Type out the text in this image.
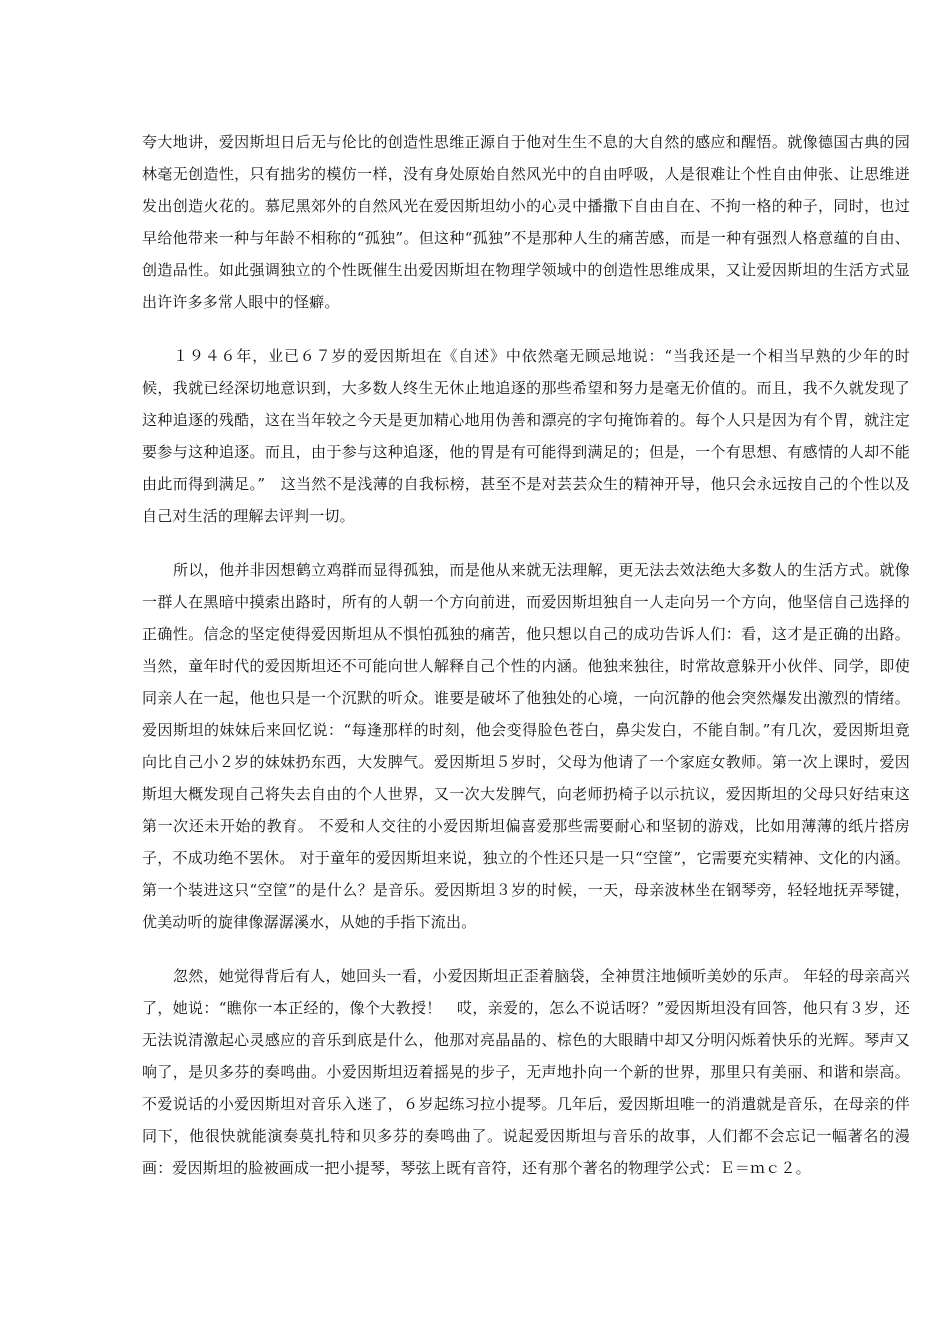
夸大地讲，爱因斯坦日后无与伦比的创造性思维正源自于他对生生不息的大自然的感应和醒悟。就像德国古典的园林毫无创造性，只有拙劣的模仿一样，没有身处原始自然风光中的自由呼吸，人是很难让个性自由伸张、让思维迸发出创造火花的。慕尼黑郊外的自然风光在爱因斯坦幼小的心灵中播撒下自由自在、不拘一格的种子，同时，也过早给他带来一种与年龄不相称的“孤独”。但这种“孤独”不是那种人生的痛苦感，而是一种有强烈人格意蕴的自由、创造品性。如此强调独立的个性既催生出爱因斯坦在物理学领域中的创造性思维成果，又让爱因斯坦的生活方式显出许许多多常人眼中的怪癖。

１９４６年，业已６７岁的爱因斯坦在《自述》中依然毫无顾忌地说：“当我还是一个相当早熟的少年的时候，我就已经深切地意识到，大多数人终生无休止地追逐的那些希望和努力是毫无价值的。而且，我不久就发现了这种追逐的残酷，这在当年较之今天是更加精心地用伪善和漂亮的字句掩饰着的。每个人只是因为有个胃，就注定要参与这种追逐。而且，由于参与这种追逐，他的胃是有可能得到满足的；但是，一个有思想、有感情的人却不能由此而得到满足。”　这当然不是浅薄的自我标榜，甚至不是对芸芸众生的精神开导，他只会永远按自己的个性以及自己对生活的理解去评判一切。

所以，他并非因想鹤立鸡群而显得孤独，而是他从来就无法理解，更无法去效法绝大多数人的生活方式。就像一群人在黑暗中摸索出路时，所有的人朝一个方向前进，而爱因斯坦独自一人走向另一个方向，他坚信自己选择的正确性。信念的坚定使得爱因斯坦从不惧怕孤独的痛苦，他只想以自己的成功告诉人们：看，这才是正确的出路。 当然，童年时代的爱因斯坦还不可能向世人解释自己个性的内涵。他独来独往，时常故意躲开小伙伴、同学，即使同亲人在一起，他也只是一个沉默的听众。谁要是破坏了他独处的心境，一向沉静的他会突然爆发出激烈的情绪。爱因斯坦的妹妹后来回忆说：“每逢那样的时刻，他会变得脸色苍白，鼻尖发白，不能自制。”有几次，爱因斯坦竟向比自己小２岁的妹妹扔东西，大发脾气。爱因斯坦５岁时，父母为他请了一个家庭女教师。第一次上课时，爱因斯坦大概发现自己将失去自由的个人世界，又一次大发脾气，向老师扔椅子以示抗议，爱因斯坦的父母只好结束这第一次还未开始的教育。 不爱和人交往的小爱因斯坦偏喜爱那些需要耐心和坚韧的游戏，比如用薄薄的纸片搭房子，不成功绝不罢休。 对于童年的爱因斯坦来说，独立的个性还只是一只“空筐”，它需要充实精神、文化的内涵。第一个装进这只“空筐”的是什么？是音乐。爱因斯坦３岁的时候，一天，母亲波林坐在钢琴旁，轻轻地抚弄琴键，优美动听的旋律像潺潺溪水，从她的手指下流出。

忽然，她觉得背后有人，她回头一看，小爱因斯坦正歪着脑袋，全神贯注地倾听美妙的乐声。 年轻的母亲高兴了，她说：“瞧你一本正经的，像个大教授！　哎，亲爱的，怎么不说话呀？”爱因斯坦没有回答，他只有３岁，还无法说清激起心灵感应的音乐到底是什么，他那对亮晶晶的、棕色的大眼睛中却又分明闪烁着快乐的光辉。琴声又响了，是贝多芬的奏鸣曲。小爱因斯坦迈着摇晃的步子，无声地扑向一个新的世界，那里只有美丽、和谐和崇高。 不爱说话的小爱因斯坦对音乐入迷了，６岁起练习拉小提琴。几年后，爱因斯坦唯一的消遣就是音乐，在母亲的伴同下，他很快就能演奏莫扎特和贝多芬的奏鸣曲了。说起爱因斯坦与音乐的故事，人们都不会忘记一幅著名的漫画：爱因斯坦的脸被画成一把小提琴，琴弦上既有音符，还有那个著名的物理学公式：Ｅ＝ｍｃ２。
